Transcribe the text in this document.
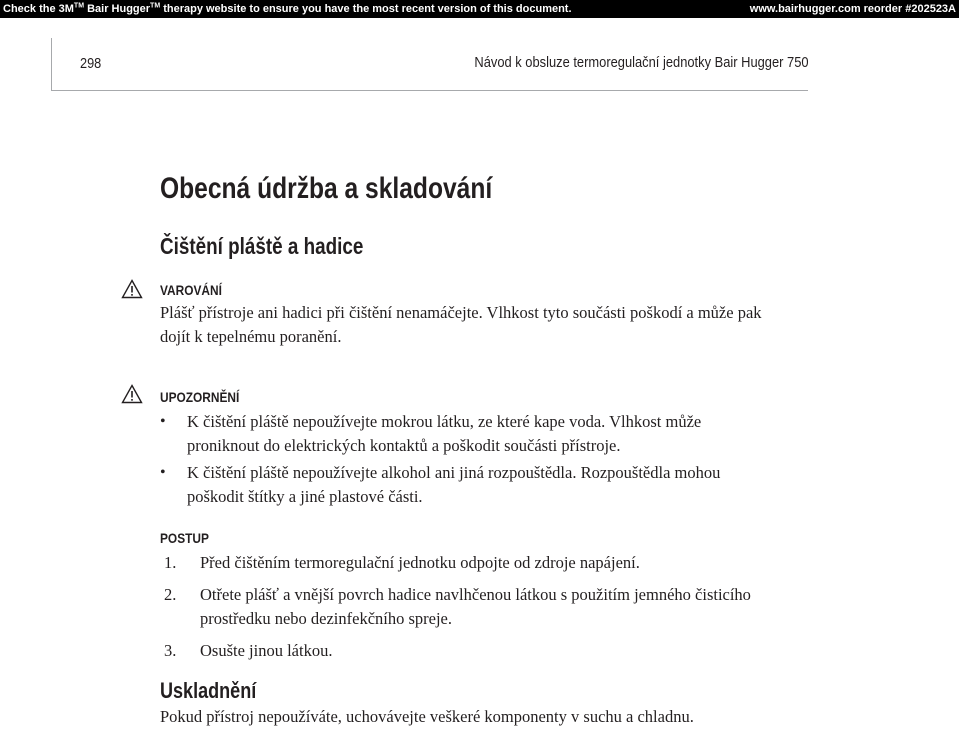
Check the 3M™ Bair Hugger™ therapy website to ensure you have the most recent version of this document.	www.bairhugger.com reorder #202523A
298	Návod k obsluze termoregulační jednotky Bair Hugger 750
Obecná údržba a skladování
Čištění pláště a hadice
VAROVÁNÍ
Plášť přístroje ani hadici při čištění nenamáčejte. Vlhkost tyto součásti poškodí a může pak
dojít k tepelnému poranění.
UPOZORNĚNÍ
• K čištění pláště nepoužívejte mokrou látku, ze které kape voda. Vlhkost může
proniknout do elektrických kontaktů a poškodit součásti přístroje.
• K čištění pláště nepoužívejte alkohol ani jiná rozpouštědla. Rozpouštědla mohou
poškodit štítky a jiné plastové části.
POSTUP
1. Před čištěním termoregulační jednotku odpojte od zdroje napájení.
2. Otřete plášť a vnější povrch hadice navlhčenou látkou s použitím jemného čisticího
prostředku nebo dezinfekčního spreje.
3. Osušte jinou látkou.
Uskladnění
Pokud přístroj nepoužíváte, uchovávejte veškeré komponenty v suchu a chladnu.
